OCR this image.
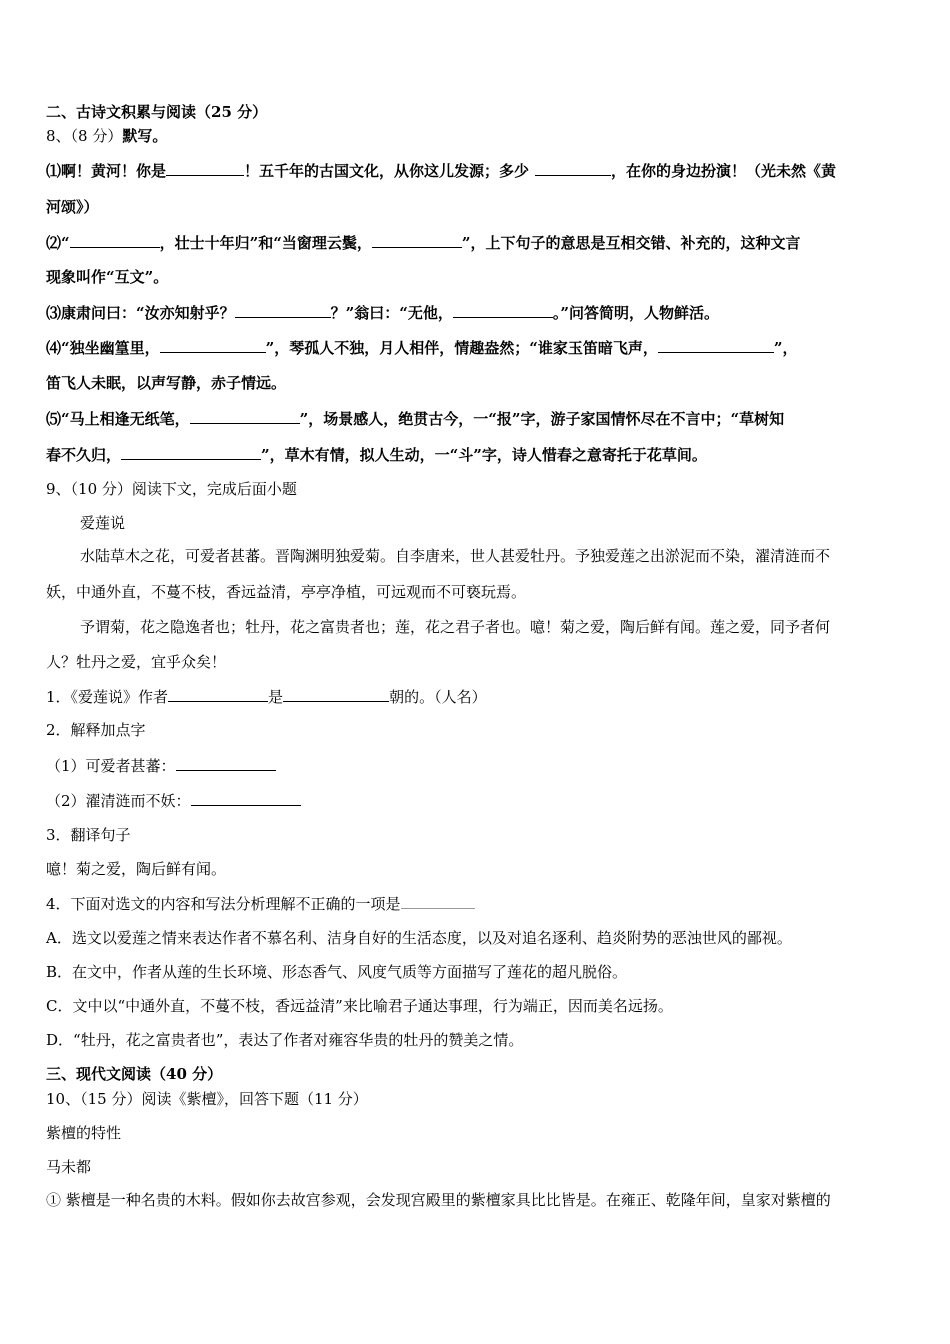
二、古诗文积累与阅读（25 分）
8、（8 分）默写。
⑴啊！黄河！你是	！五千年的古国文化，从你这儿发源；多少	，在你的身边扮演！（光未然《黄
河颂》）
⑵“	，壮士十年归”和“当窗理云鬓，	”，上下句子的意思是互相交错、补充的，这种文言
现象叫作“互文”。
⑶康肃问曰：“汝亦知射乎？	？”翁曰：“无他，	。”问答简明，人物鲜活。
⑷“独坐幽篁里，	”，琴孤人不独，月人相伴，情趣盎然；“谁家玉笛暗飞声，	”，
笛飞人未眠，以声写静，赤子情远。
⑸“马上相逢无纸笔，	”，场景感人，绝贯古今，一“报”字，游子家国情怀尽在不言中；“草树知
春不久归，	”，草木有情，拟人生动，一“斗”字，诗人惜春之意寄托于花草间。
9、（10 分）阅读下文，完成后面小题
爱莲说
水陆草木之花，可爱者甚蕃。晋陶渊明独爱菊。自李唐来，世人甚爱牡丹。予独爱莲之出淤泥而不染，濯清涟而不
妖，中通外直，不蔓不枝，香远益清，亭亭净植，可远观而不可亵玩焉。
予谓菊，花之隐逸者也；牡丹，花之富贵者也；莲，花之君子者也。噫！菊之爱，陶后鲜有闻。莲之爱，同予者何
人？牡丹之爱，宜乎众矣！
1．《爱莲说》作者	是	朝的。（人名）
2．解释加点字
（1）可爱者甚蕃：
（2）濯清涟而不妖：
3．翻译句子
噫！菊之爱，陶后鲜有闻。
4．下面对选文的内容和写法分析理解不正确的一项是
A．选文以爱莲之情来表达作者不慕名利、洁身自好的生活态度，以及对追名逐利、趋炎附势的恶浊世风的鄙视。
B．在文中，作者从莲的生长环境、形态香气、风度气质等方面描写了莲花的超凡脱俗。
C．文中以“中通外直，不蔓不枝，香远益清”来比喻君子通达事理，行为端正，因而美名远扬。
D．“牡丹，花之富贵者也”，表达了作者对雍容华贵的牡丹的赞美之情。
三、现代文阅读（40 分）
10、（15 分）阅读《紫檀》，回答下题（11 分）
紫檀的特性
马未都
① 紫檀是一种名贵的木料。假如你去故宫参观，会发现宫殿里的紫檀家具比比皆是。在雍正、乾隆年间，皇家对紫檀的
